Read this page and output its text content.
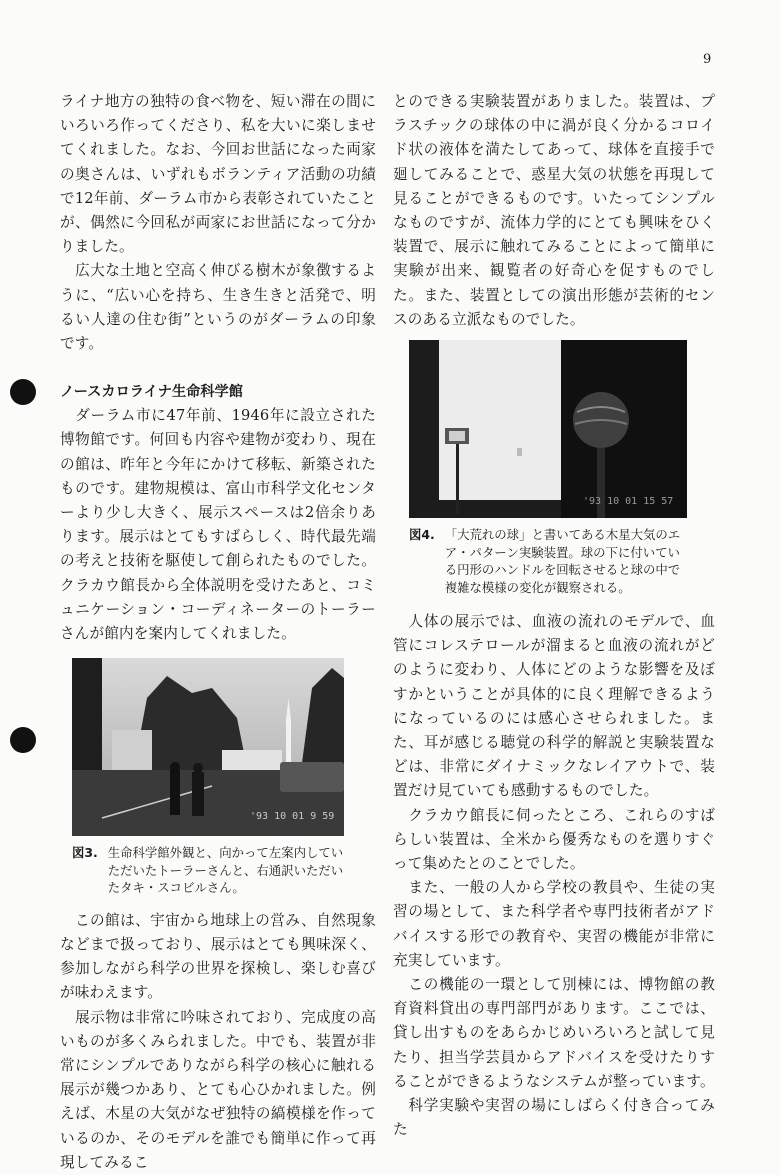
9

ライナ地方の独特の食べ物を、短い滞在の間にいろいろ作ってくださり、私を大いに楽しませてくれました。なお、今回お世話になった両家の奥さんは、いずれもボランティア活動の功績で12年前、ダーラム市から表彰されていたことが、偶然に今回私が両家にお世話になって分かりました。

　広大な土地と空高く伸びる樹木が象徴するように、“広い心を持ち、生き生きと活発で、明るい人達の住む街”というのがダーラムの印象です。

ノースカロライナ生命科学館

　ダーラム市に47年前、1946年に設立された博物館です。何回も内容や建物が変わり、現在の館は、昨年と今年にかけて移転、新築されたものです。建物規模は、富山市科学文化センターより少し大きく、展示スペースは2倍余りあります。展示はとてもすばらしく、時代最先端の考えと技術を駆使して創られたものでした。クラカウ館長から全体説明を受けたあと、コミュニケーション・コーディネーターのトーラーさんが館内を案内してくれました。

'93 10 01 9 59
図3. 生命科学館外観と、向かって左案内していただいたトーラーさんと、右通訳いただいたタキ・スコビルさん。

　この館は、宇宙から地球上の営み、自然現象などまで扱っており、展示はとても興味深く、参加しながら科学の世界を探検し、楽しむ喜びが味わえます。

　展示物は非常に吟味されており、完成度の高いものが多くみられました。中でも、装置が非常にシンプルでありながら科学の核心に触れる展示が幾つかあり、とても心ひかれました。例えば、木星の大気がなぜ独特の縞模様を作っているのか、そのモデルを誰でも簡単に作って再現してみるこ

とのできる実験装置がありました。装置は、プラスチックの球体の中に渦が良く分かるコロイド状の液体を満たしてあって、球体を直接手で廻してみることで、惑星大気の状態を再現して見ることができるものです。いたってシンプルなものですが、流体力学的にとても興味をひく装置で、展示に触れてみることによって簡単に実験が出来、観覧者の好奇心を促すものでした。また、装置としての演出形態が芸術的センスのある立派なものでした。

'93 10 01 15 57
図4. 「大荒れの球」と書いてある木星大気のエア・パターン実験装置。球の下に付いている円形のハンドルを回転させると球の中で複雑な模様の変化が観察される。

　人体の展示では、血液の流れのモデルで、血管にコレステロールが溜まると血液の流れがどのように変わり、人体にどのような影響を及ぼすかということが具体的に良く理解できるようになっているのには感心させられました。また、耳が感じる聴覚の科学的解説と実験装置などは、非常にダイナミックなレイアウトで、装置だけ見ていても感動するものでした。

　クラカウ館長に伺ったところ、これらのすばらしい装置は、全米から優秀なものを選りすぐって集めたとのことでした。

　また、一般の人から学校の教員や、生徒の実習の場として、また科学者や専門技術者がアドバイスする形での教育や、実習の機能が非常に充実しています。

　この機能の一環として別棟には、博物館の教育資料貸出の専門部門があります。ここでは、貸し出すものをあらかじめいろいろと試して見たり、担当学芸員からアドバイスを受けたりすることができるようなシステムが整っています。

　科学実験や実習の場にしばらく付き合ってみた
